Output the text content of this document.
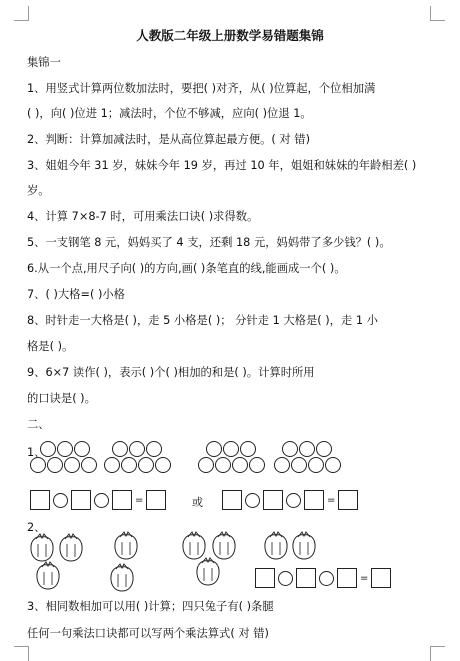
人教版二年级上册数学易错题集锦
集锦一
1、用竖式计算两位数加法时，要把( )对齐，从( )位算起，个位相加满
( )，向( )位进 1；减法时，个位不够减，应向( )位退 1。
2、判断：计算加减法时，是从高位算起最方便。( 对 错)
3、姐姐今年 31 岁，妹妹今年 19 岁，再过 10 年，姐姐和妹妹的年龄相差( )
岁。
4、计算 7×8-7 时，可用乘法口诀( )求得数。
5、一支钢笔 8 元，妈妈买了 4 支，还剩 18 元，妈妈带了多少钱？( )。
6.从一个点,用尺子向( )的方向,画( )条笔直的线,能画成一个( )。
7、( )大格=( )小格
8、时针走一大格是( )，走 5 小格是( )； 分针走 1 大格是( )，走 1 小
格是( )。
9、6×7 读作( )，表示( )个( )相加的和是( )。计算时所用
的口诀是( )。
二、
1、
=	或	=
2、
=
3、相同数相加可以用( )计算；四只兔子有( )条腿
任何一句乘法口诀都可以写两个乘法算式( 对 错)
